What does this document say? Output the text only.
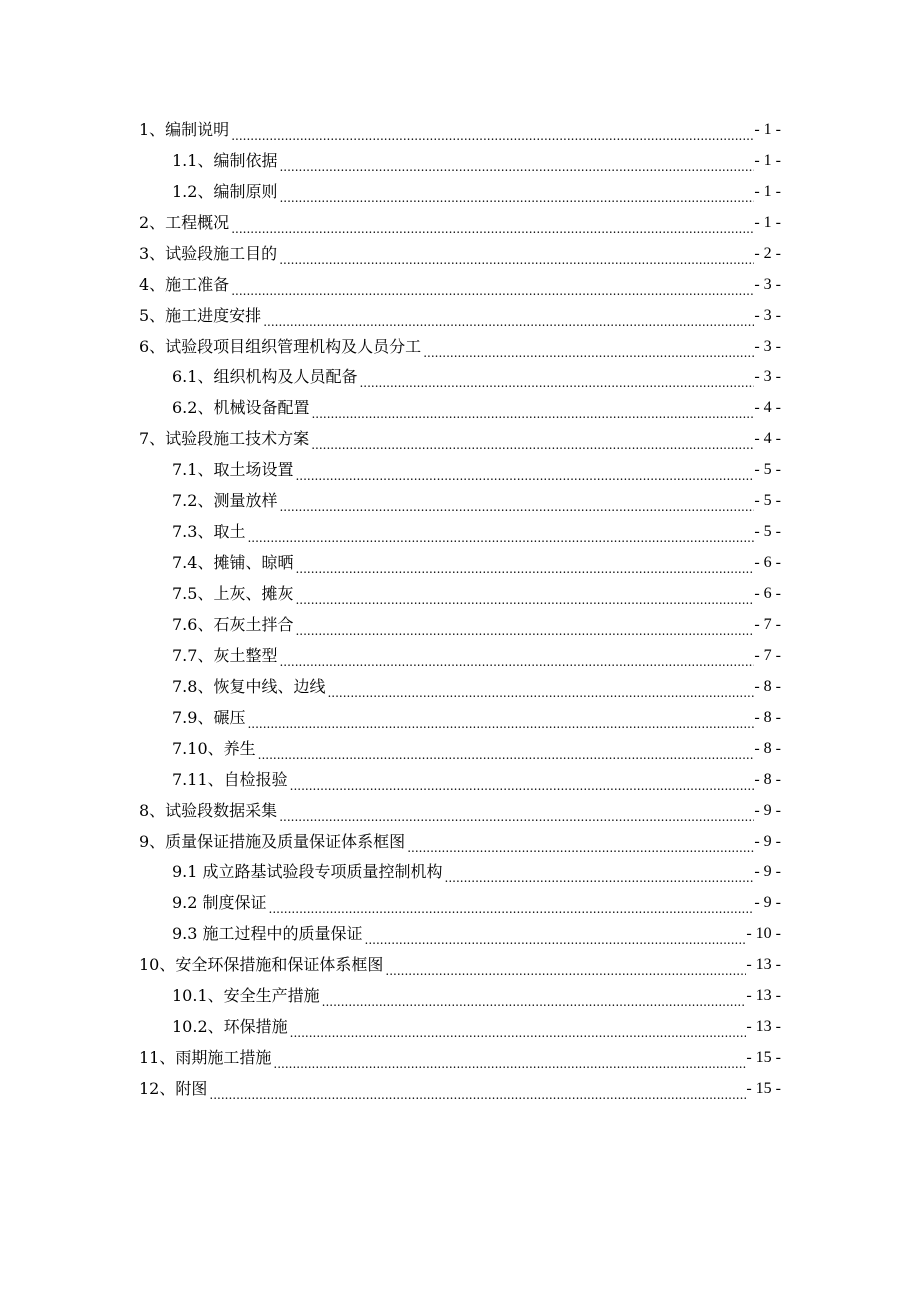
1、编制说明 .....	- 1 -
1.1、编制依据 .....	- 1 -
1.2、编制原则 .....	- 1 -
2、工程概况 .....	- 1 -
3、试验段施工目的 .....	- 2 -
4、施工准备 .....	- 3 -
5、施工进度安排 .....	- 3 -
6、试验段项目组织管理机构及人员分工 .....	- 3 -
6.1、组织机构及人员配备 .....	- 3 -
6.2、机械设备配置 .....	- 4 -
7、试验段施工技术方案 .....	- 4 -
7.1、取土场设置 .....	- 5 -
7.2、测量放样 .....	- 5 -
7.3、取土 .....	- 5 -
7.4、摊铺、晾晒 .....	- 6 -
7.5、上灰、摊灰 .....	- 6 -
7.6、石灰土拌合 .....	- 7 -
7.7、灰土整型 .....	- 7 -
7.8、恢复中线、边线 .....	- 8 -
7.9、碾压 .....	- 8 -
7.10、养生 .....	- 8 -
7.11、自检报验 .....	- 8 -
8、试验段数据采集 .....	- 9 -
9、质量保证措施及质量保证体系框图 .....	- 9 -
9.1 成立路基试验段专项质量控制机构 .....	- 9 -
9.2 制度保证 .....	- 9 -
9.3 施工过程中的质量保证 .....	- 10 -
10、安全环保措施和保证体系框图 .....	- 13 -
10.1、安全生产措施 .....	- 13 -
10.2、环保措施 .....	- 13 -
11、雨期施工措施 .....	- 15 -
12、附图 .....	- 15 -
